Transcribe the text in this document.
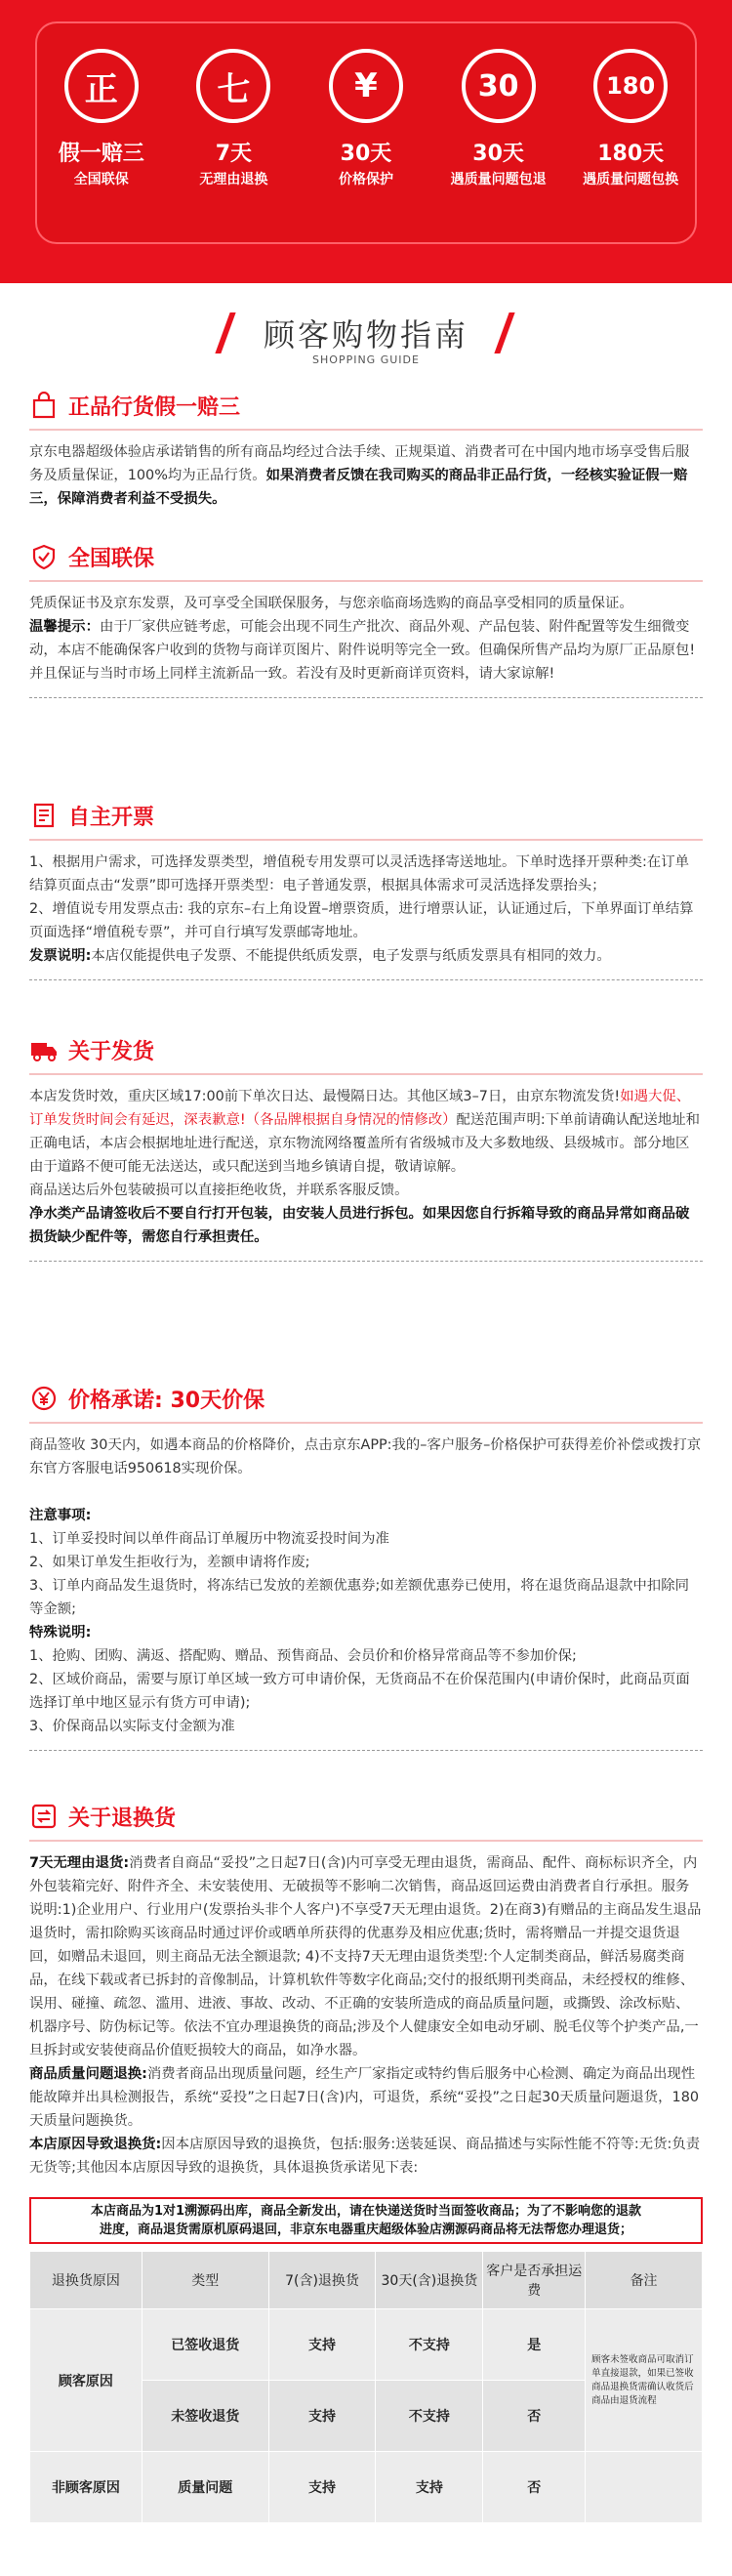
正
假一赔三
全国联保
七
7天
无理由退换
¥
30天
价格保护
30
30天
遇质量问题包退
180
180天
遇质量问题包换
顾客购物指南
SHOPPING GUIDE
正品行货假一赔三

京东电器超级体验店承诺销售的所有商品均经过合法手续、正规渠道、消费者可在中国内地市场享受售后服务及质量保证，100%均为正品行货。如果消费者反馈在我司购买的商品非正品行货，一经核实验证假一赔三，保障消费者利益不受损失。

全国联保

凭质保证书及京东发票，及可享受全国联保服务，与您亲临商场选购的商品享受相同的质量保证。

温馨提示：由于厂家供应链考虑，可能会出现不同生产批次、商品外观、产品包装、附件配置等发生细微变动，本店不能确保客户收到的货物与商详页图片、附件说明等完全一致。但确保所售产品均为原厂正品原包!并且保证与当时市场上同样主流新品一致。若没有及时更新商详页资料，请大家谅解!

自主开票

1、根据用户需求，可选择发票类型，增值税专用发票可以灵活选择寄送地址。下单时选择开票种类:在订单结算页面点击“发票”即可选择开票类型：电子普通发票，根据具体需求可灵活选择发票抬头；

2、增值说专用发票点击: 我的京东–右上角设置–增票资质，进行增票认证，认证通过后，下单界面订单结算页面选择“增值税专票”，并可自行填写发票邮寄地址。

发票说明:本店仅能提供电子发票、不能提供纸质发票，电子发票与纸质发票具有相同的效力。

关于发货

本店发货时效，重庆区域17:00前下单次日达、最慢隔日达。其他区域3–7日，由京东物流发货!如遇大促、订单发货时间会有延迟，深表歉意!（各品牌根据自身情况的情修改）配送范围声明:下单前请确认配送地址和正确电话，本店会根据地址进行配送，京东物流网络覆盖所有省级城市及大多数地级、县级城市。部分地区由于道路不便可能无法送达，或只配送到当地乡镇请自提，敬请谅解。

商品送达后外包装破损可以直接拒绝收货，并联系客服反馈。

净水类产品请签收后不要自行打开包装，由安装人员进行拆包。如果因您自行拆箱导致的商品异常如商品破损货缺少配件等，需您自行承担责任。

价格承诺: 30天价保

商品签收 30天内，如遇本商品的价格降价，点击京东APP:我的–客户服务–价格保护可获得差价补偿或拨打京东官方客服电话950618实现价保。

注意事项:

1、订单妥投时间以单件商品订单履历中物流妥投时间为准

2、如果订单发生拒收行为，差额申请将作废;

3、订单内商品发生退货时，将冻结已发放的差额优惠券;如差额优惠券已使用，将在退货商品退款中扣除同等金额;

特殊说明:

1、抢购、团购、满返、搭配购、赠品、预售商品、会员价和价格异常商品等不参加价保;

2、区域价商品，需要与原订单区域一致方可申请价保，无货商品不在价保范围内(申请价保时，此商品页面选择订单中地区显示有货方可申请);

3、价保商品以实际支付金额为准

关于退换货

7天无理由退货:消费者自商品“妥投”之日起7日(含)内可享受无理由退货，需商品、配件、商标标识齐全，内外包装箱完好、附件齐全、未安装使用、无破损等不影响二次销售，商品返回运费由消费者自行承担。服务说明:1)企业用户、行业用户(发票抬头非个人客户)不享受7天无理由退货。2)在商3)有赠品的主商品发生退品退货时，需扣除购买该商品时通过评价或晒单所获得的优惠券及相应优惠;货时，需将赠品一并提交退货退回，如赠品未退回，则主商品无法全额退款; 4)不支持7天无理由退货类型:个人定制类商品，鲜活易腐类商品，在线下载或者已拆封的音像制品，计算机软件等数字化商品;交付的报纸期刊类商品，未经授权的维修、误用、碰撞、疏忽、滥用、进液、事故、改动、不正确的安装所造成的商品质量问题，或撕毁、涂改标贴、机器序号、防伪标记等。依法不宜办理退换货的商品;涉及个人健康安全如电动牙刷、脱毛仪等个护类产品,一旦拆封或安装使商品价值贬损较大的商品，如净水器。

商品质量问题退换:消费者商品出现质量问题，经生产厂家指定或特约售后服务中心检测、确定为商品出现性能故障并出具检测报告，系统“妥投”之日起7日(含)内，可退货，系统“妥投”之日起30天质量问题退货，180天质量问题换货。

本店原因导致退换货:因本店原因导致的退换货，包括:服务:送装延误、商品描述与实际性能不符等:无货:负责无货等;其他因本店原因导致的退换货，具体退换货承诺见下表:

本店商品为1对1溯源码出库，商品全新发出，请在快递送货时当面签收商品；为了不影响您的退款

进度，商品退货需原机原码退回，非京东电器重庆超级体验店溯源码商品将无法帮您办理退货；

退换货原因	类型	7(含)退换货	30天(含)退换货	客户是否承担运费	备注
顾客原因	已签收退货	支持	不支持	是	顾客未签收商品可取消订单直接退款，如果已签收商品退换货需确认收货后商品由退货流程
	未签收退货	支持	不支持	否	
非顾客原因	质量问题	支持	支持	否	
